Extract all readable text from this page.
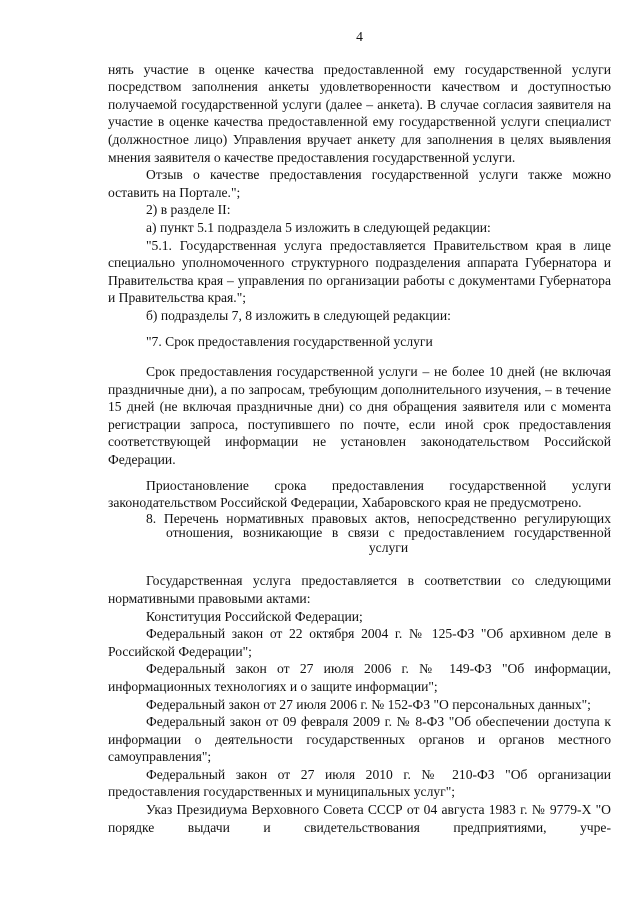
4

нять участие в оценке качества предоставленной ему государственной услуги посредством заполнения анкеты удовлетворенности качеством и доступностью получаемой государственной услуги (далее – анкета). В случае согласия заявителя на участие в оценке качества предоставленной ему государственной услуги специалист (должностное лицо) Управления вручает анкету для заполнения в целях выявления мнения заявителя о качестве предоставления государственной услуги.

Отзыв о качестве предоставления государственной услуги также можно оставить на Портале.";

2) в разделе II:

а) пункт 5.1 подраздела 5 изложить в следующей редакции:

"5.1. Государственная услуга предоставляется Правительством края в лице специально уполномоченного структурного подразделения аппарата Губернатора и Правительства края – управления по организации работы с документами Губернатора и Правительства края.";

б) подразделы 7, 8 изложить в следующей редакции:

"7. Срок предоставления государственной услуги

Срок предоставления государственной услуги – не более 10 дней (не включая праздничные дни), а по запросам, требующим дополнительного изучения, – в течение 15 дней (не включая праздничные дни) со дня обращения заявителя или с момента регистрации запроса, поступившего по почте, если иной срок предоставления соответствующей информации не установлен законодательством Российской Федерации.

Приостановление срока предоставления государственной услуги законодательством Российской Федерации, Хабаровского края не предусмотрено.

8. Перечень нормативных правовых актов, непосредственно регулирующих отношения, возникающие в связи с предоставлением государственной услуги

Государственная услуга предоставляется в соответствии со следующими нормативными правовыми актами:

Конституция Российской Федерации;

Федеральный закон от 22 октября 2004 г. № 125-ФЗ "Об архивном деле в Российской Федерации";

Федеральный закон от 27 июля 2006 г. № 149-ФЗ "Об информации, информационных технологиях и о защите информации";

Федеральный закон от 27 июля 2006 г. № 152-ФЗ "О персональных данных";

Федеральный закон от 09 февраля 2009 г. № 8-ФЗ "Об обеспечении доступа к информации о деятельности государственных органов и органов местного самоуправления";

Федеральный закон от 27 июля 2010 г. № 210-ФЗ "Об организации предоставления государственных и муниципальных услуг";

Указ Президиума Верховного Совета СССР от 04 августа 1983 г. № 9779-Х "О порядке выдачи и свидетельствования предприятиями, учре-
